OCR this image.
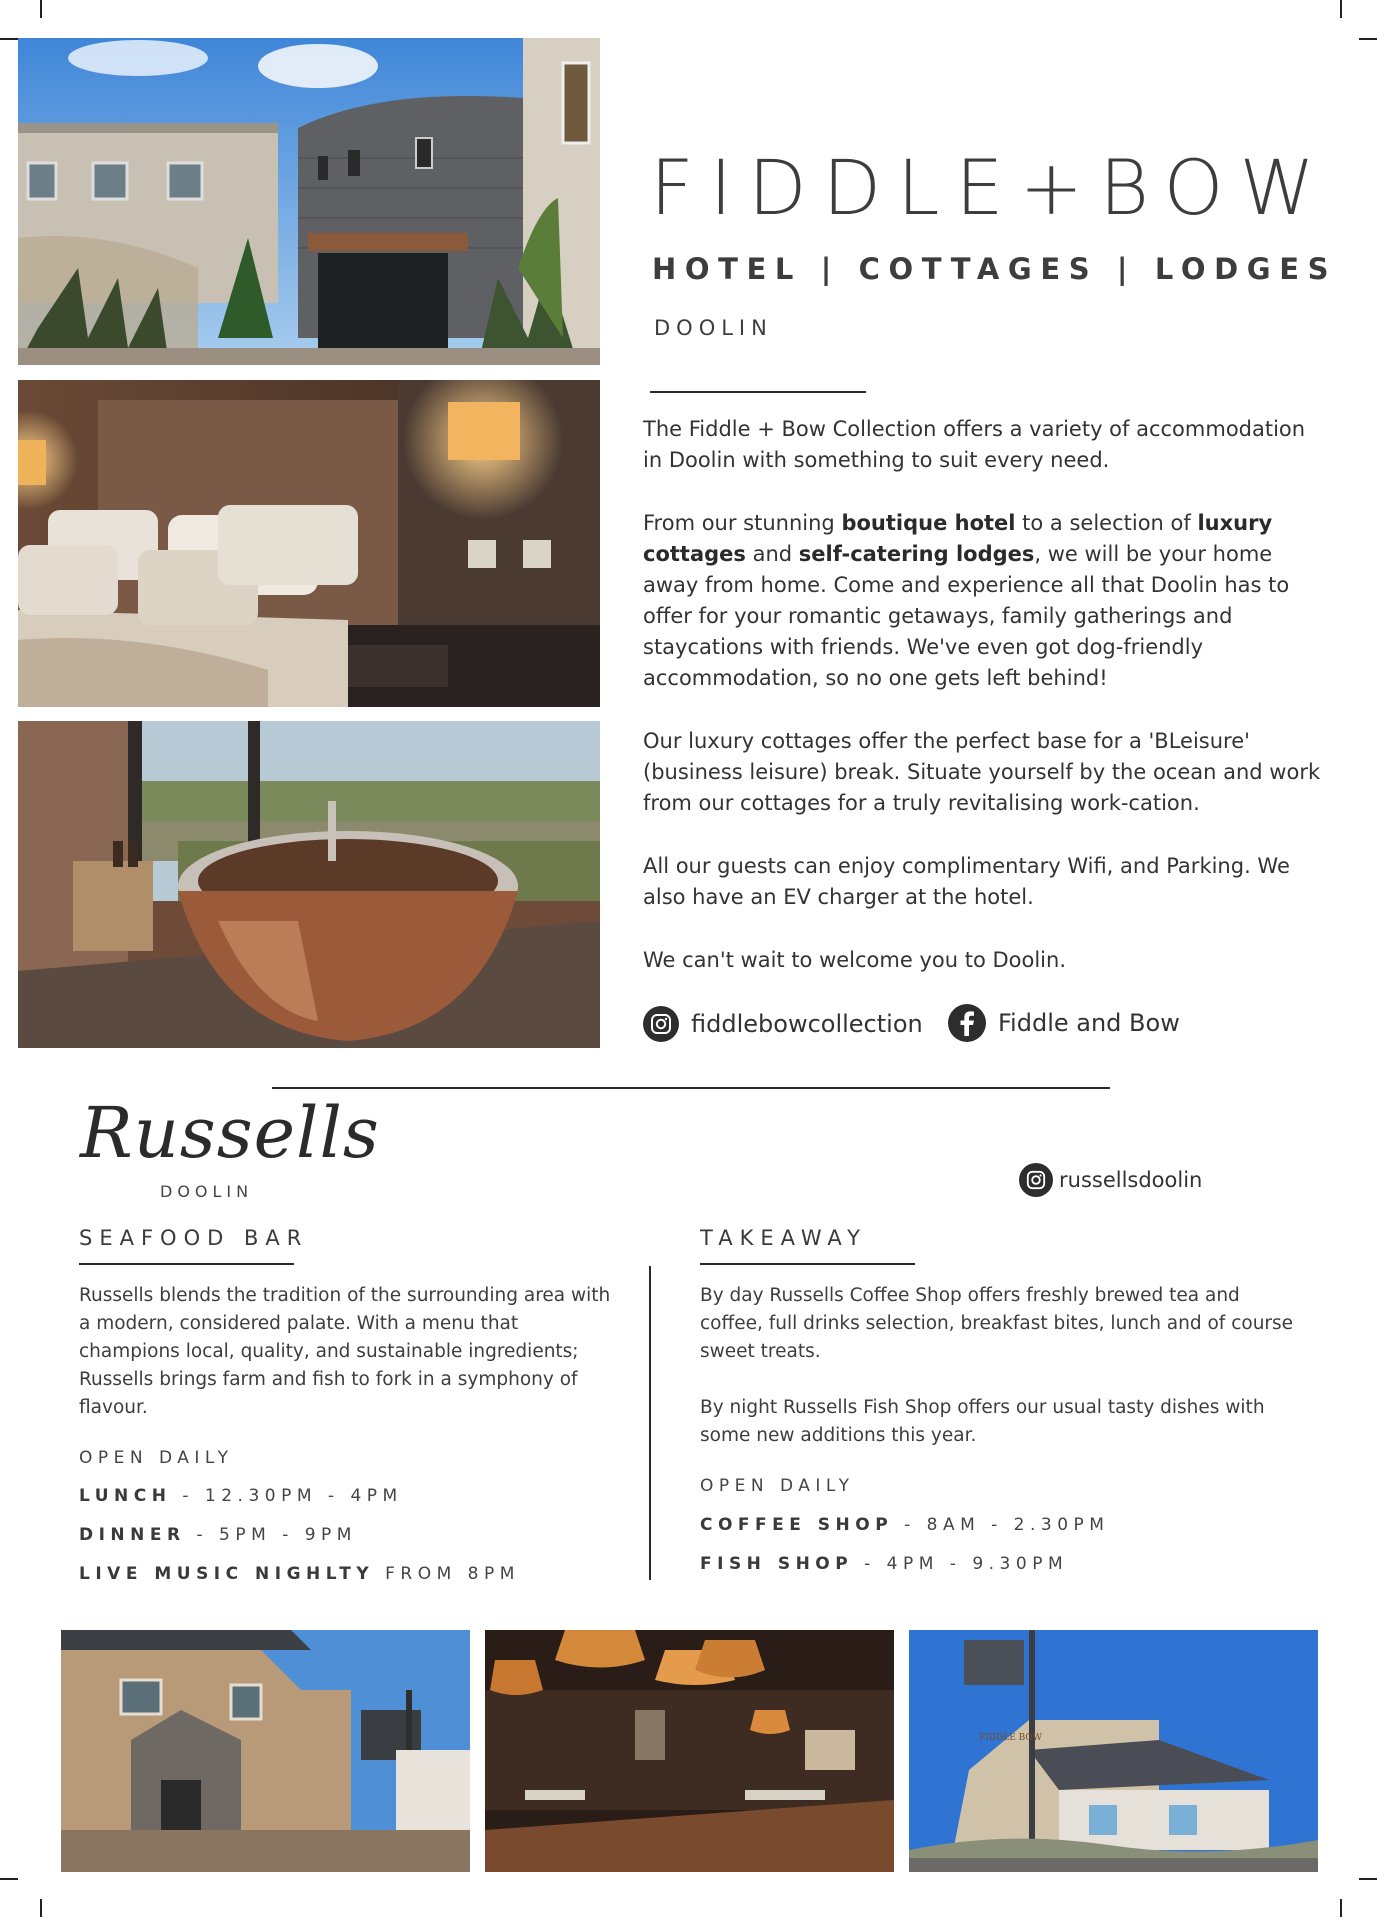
FIDDLE+BOW
HOTEL | COTTAGES | LODGES
DOOLIN

The Fiddle + Bow Collection offers a variety of accommodation in Doolin with something to suit every need.

From our stunning boutique hotel to a selection of luxury cottages and self-catering lodges, we will be your home away from home. Come and experience all that Doolin has to offer for your romantic getaways, family gatherings and staycations with friends. We've even got dog-friendly accommodation, so no one gets left behind!

Our luxury cottages offer the perfect base for a 'BLeisure' (business leisure) break. Situate yourself by the ocean and work from our cottages for a truly revitalising work-cation.

All our guests can enjoy complimentary Wifi, and Parking. We also have an EV charger at the hotel.

We can't wait to welcome you to Doolin.

fiddlebowcollection	Fiddle and Bow
Russells
DOOLIN	russellsdoolin
SEAFOOD BAR

Russells blends the tradition of the surrounding area with a modern, considered palate. With a menu that champions local, quality, and sustainable ingredients; Russells brings farm and fish to fork in a symphony of flavour.

OPEN DAILY
LUNCH - 12.30PM - 4PM
DINNER - 5PM - 9PM
LIVE MUSIC NIGHLTY FROM 8PM
TAKEAWAY

By day Russells Coffee Shop offers freshly brewed tea and coffee, full drinks selection, breakfast bites, lunch and of course sweet treats.

By night Russells Fish Shop offers our usual tasty dishes with some new additions this year.

OPEN DAILY
COFFEE SHOP - 8AM - 2.30PM
FISH SHOP - 4PM - 9.30PM
FIDDLE BOW
